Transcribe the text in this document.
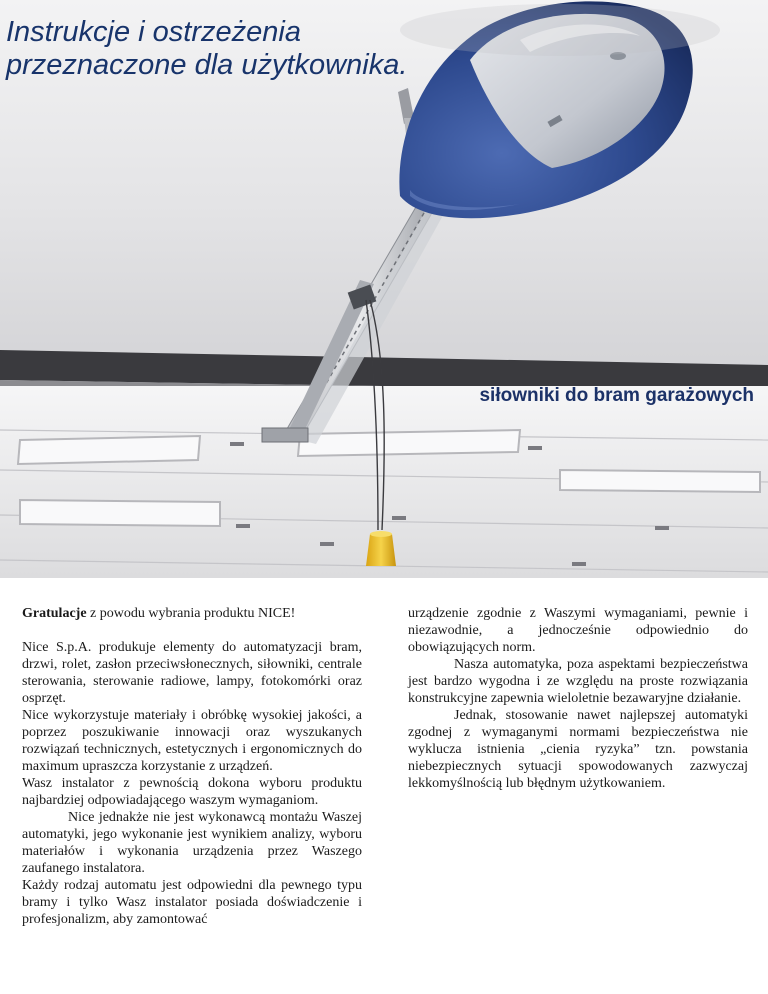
Instrukcje i ostrzeżenia
przeznaczone dla użytkownika.
siłowniki do bram garażowych

Gratulacje z powodu wybrania produktu NICE!

Nice S.p.A. produkuje elementy do automatyzacji bram, drzwi, rolet, zasłon przeciwsłonecznych, siłowniki, centrale sterowania, sterowanie radiowe, lampy, fotokomórki oraz osprzęt.

Nice wykorzystuje materiały i obróbkę wysokiej jakości, a poprzez poszukiwanie innowacji oraz wyszukanych rozwiązań technicznych, estetycznych i ergonomicznych do maximum upraszcza korzystanie z urządzeń.

Wasz instalator z pewnością dokona wyboru produktu najbardziej odpowiadającego waszym wymaganiom.

Nice jednakże nie jest wykonawcą montażu Waszej automatyki, jego wykonanie jest wynikiem analizy, wyboru materiałów i wykonania urządzenia przez Waszego zaufanego instalatora.

Każdy rodzaj automatu jest odpowiedni dla pewnego typu bramy i tylko Wasz instalator posiada doświadczenie i profesjonalizm, aby zamontować

urządzenie zgodnie z Waszymi wymaganiami, pewnie i niezawodnie, a jednocześnie odpowiednio do obowiązujących norm.

Nasza automatyka, poza aspektami bezpieczeństwa jest bardzo wygodna i ze względu na proste rozwiązania konstrukcyjne zapewnia wieloletnie bezawaryjne działanie.

Jednak, stosowanie nawet najlepszej automatyki zgodnej z wymaganymi normami bezpieczeństwa nie wyklucza istnienia „cienia ryzyka” tzn. powstania niebezpiecznych sytuacji spowodowanych zazwyczaj lekkomyślnością lub błędnym użytkowaniem.
